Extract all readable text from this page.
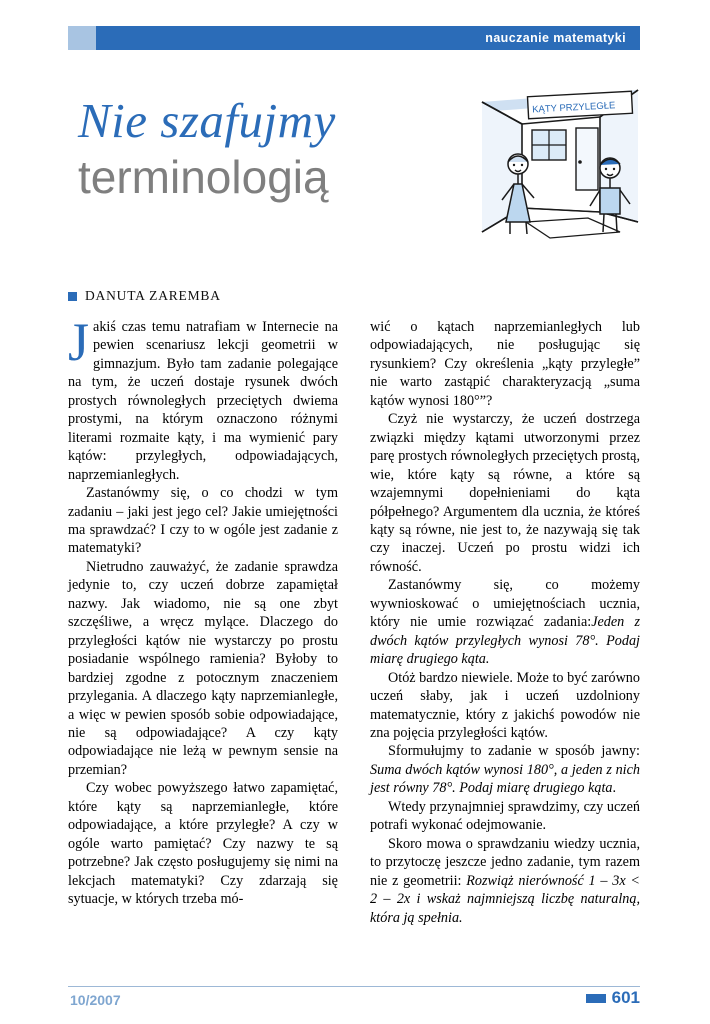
nauczanie matematyki
KĄTY PRZYLEGŁE
Nie szafujmy
terminologią
DANUTA ZAREMBA

Jakiś czas temu natrafiam w Internecie na pewien scenariusz lekcji geometrii w gimnazjum. Było tam zadanie polegające na tym, że uczeń dostaje rysunek dwóch prostych równoległych przeciętych dwiema prostymi, na którym oznaczono różnymi literami rozmaite kąty, i ma wymienić pary kątów: przyległych, odpowiadających, naprzemianległych.

Zastanówmy się, o co chodzi w tym zadaniu – jaki jest jego cel? Jakie umiejętności ma sprawdzać? I czy to w ogóle jest zadanie z matematyki?

Nietrudno zauważyć, że zadanie sprawdza jedynie to, czy uczeń dobrze zapamiętał nazwy. Jak wiadomo, nie są one zbyt szczęśliwe, a wręcz mylące. Dlaczego do przyległości kątów nie wystarczy po prostu posiadanie wspólnego ramienia? Byłoby to bardziej zgodne z potocznym znaczeniem przylegania. A dlaczego kąty naprzemianległe, a więc w pewien sposób sobie odpowiadające, nie są odpowiadające? A czy kąty odpowiadające nie leżą w pewnym sensie na przemian?

Czy wobec powyższego łatwo zapamiętać, które kąty są naprzemianległe, które odpowiadające, a które przyległe? A czy w ogóle warto pamiętać? Czy nazwy te są potrzebne? Jak często posługujemy się nimi na lekcjach matematyki? Czy zdarzają się sytuacje, w których trzeba mó-

wić o kątach naprzemianległych lub odpowiadających, nie posługując się rysunkiem? Czy określenia „kąty przyległe” nie warto zastąpić charakteryzacją „suma kątów wynosi 180°”?

Czyż nie wystarczy, że uczeń dostrzega związki między kątami utworzonymi przez parę prostych równoległych przeciętych prostą, wie, które kąty są równe, a które są wzajemnymi dopełnieniami do kąta półpełnego? Argumentem dla ucznia, że któreś kąty są równe, nie jest to, że nazywają się tak czy inaczej. Uczeń po prostu widzi ich równość.

Zastanówmy się, co możemy wywnioskować o umiejętnościach ucznia, który nie umie rozwiązać zadania:Jeden z dwóch kątów przyległych wynosi 78°. Podaj miarę drugiego kąta.

Otóż bardzo niewiele. Może to być zarówno uczeń słaby, jak i uczeń uzdolniony matematycznie, który z jakichś powodów nie zna pojęcia przyległości kątów.

Sformułujmy to zadanie w sposób jawny: Suma dwóch kątów wynosi 180°, a jeden z nich jest równy 78°. Podaj miarę drugiego kąta.

Wtedy przynajmniej sprawdzimy, czy uczeń potrafi wykonać odejmowanie.

Skoro mowa o sprawdzaniu wiedzy ucznia, to przytoczę jeszcze jedno zadanie, tym razem nie z geometrii: Rozwiąż nierówność 1 – 3x < 2 – 2x i wskaż najmniejszą liczbę naturalną, która ją spełnia.

10/2007	601
